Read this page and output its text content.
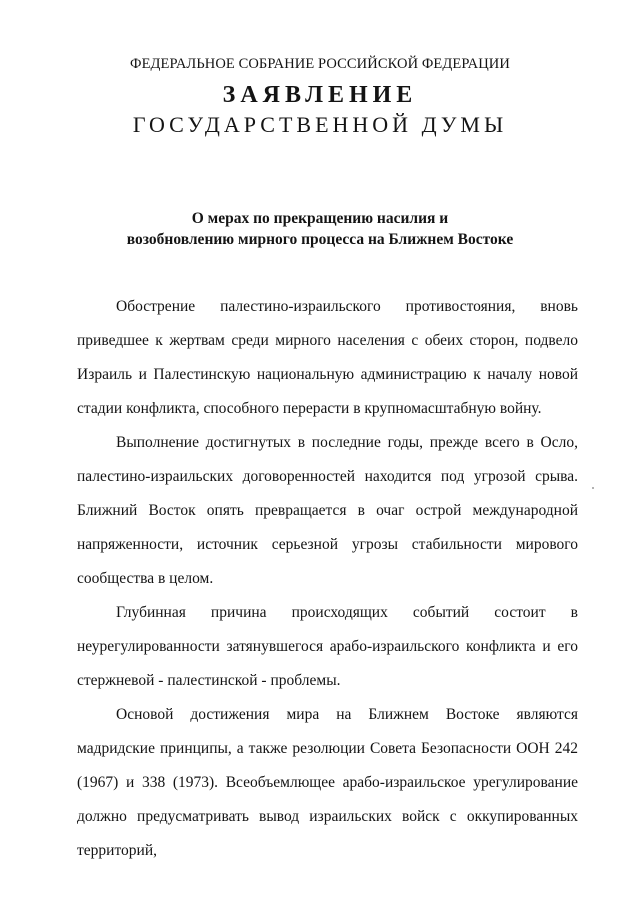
ФЕДЕРАЛЬНОЕ СОБРАНИЕ РОССИЙСКОЙ ФЕДЕРАЦИИ
ЗАЯВЛЕНИЕ
ГОСУДАРСТВЕННОЙ ДУМЫ
О мерах по прекращению насилия и
возобновлению мирного процесса на Ближнем Востоке

Обострение палестино-израильского противостояния, вновь приведшее к жертвам среди мирного населения с обеих сторон, подвело Израиль и Палестинскую национальную администрацию к началу новой стадии конфликта, способного перерасти в крупномасштабную войну.

Выполнение достигнутых в последние годы, прежде всего в Осло, палестино-израильских договоренностей находится под угрозой срыва. Ближний Восток опять превращается в очаг острой международной напряженности, источник серьезной угрозы стабильности мирового сообщества в целом.

Глубинная причина происходящих событий состоит в неурегулированности затянувшегося арабо-израильского конфликта и его стержневой - палестинской - проблемы.

Основой достижения мира на Ближнем Востоке являются мадридские принципы, а также резолюции Совета Безопасности ООН 242 (1967) и 338 (1973). Всеобъемлющее арабо-израильское урегулирование должно предусматривать вывод израильских войск с оккупированных территорий,
